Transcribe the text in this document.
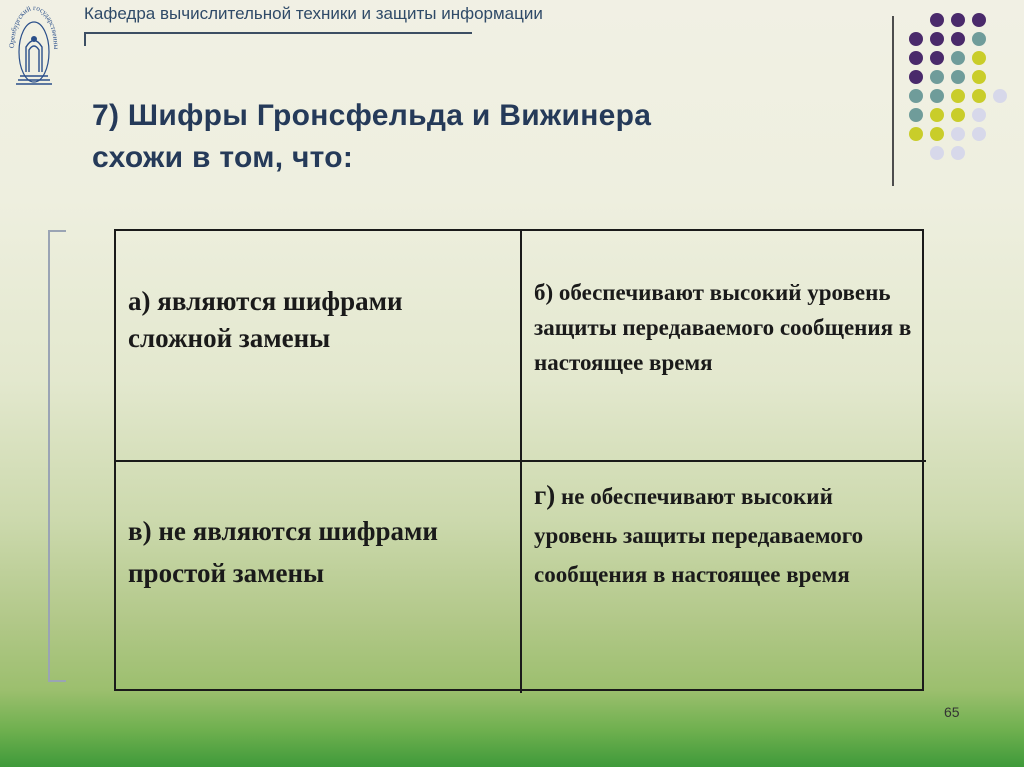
Оренбургский государственны
Кафедра вычислительной техники и защиты информации
7) Шифры Гронсфельда и Вижинера
схожи в том, что:
а) являются шифрами сложной замены
б) обеспечивают высокий уровень защиты передаваемого сообщения в настоящее время
в) не являются шифрами простой замены
г) не обеспечивают высокий уровень защиты передаваемого сообщения в настоящее время
65
